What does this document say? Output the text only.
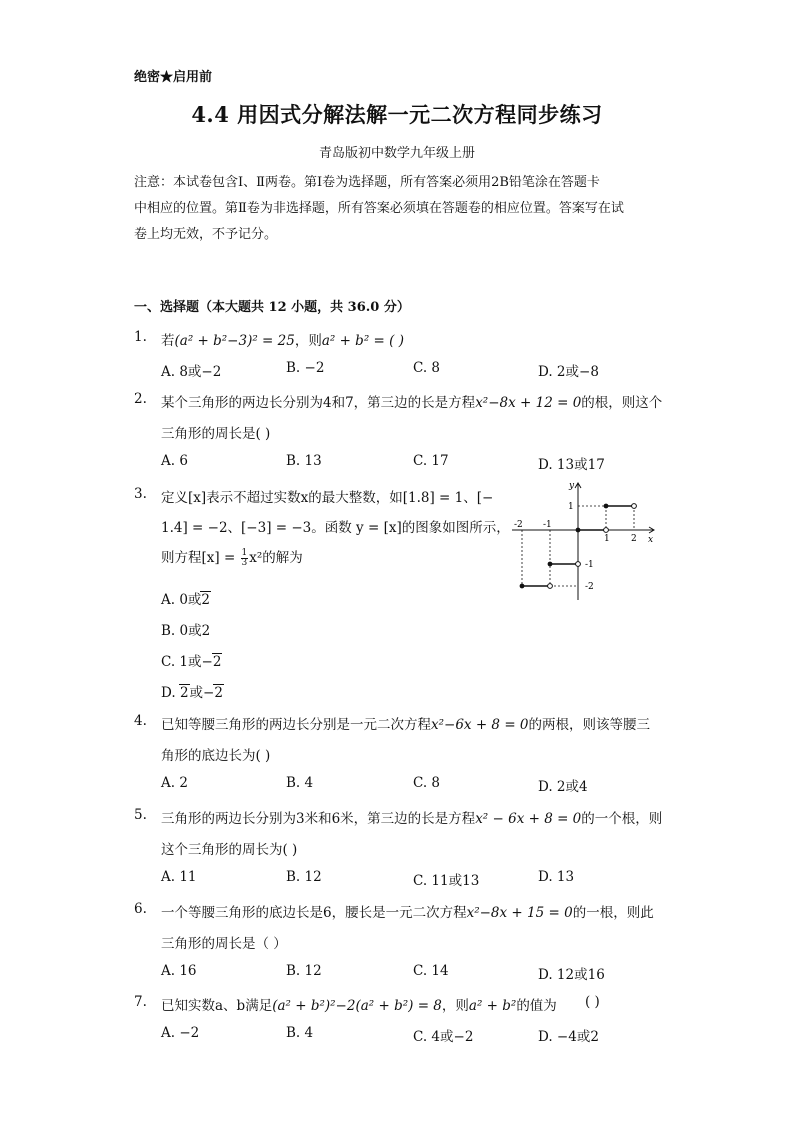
绝密★启用前
4.4 用因式分解法解一元二次方程同步练习
青岛版初中数学九年级上册
注意：本试卷包含Ⅰ、Ⅱ两卷。第Ⅰ卷为选择题，所有答案必须用2B铅笔涂在答题卡
中相应的位置。第Ⅱ卷为非选择题，所有答案必须填在答题卷的相应位置。答案写在试
卷上均无效，不予记分。
一、选择题（本大题共 12 小题，共 36.0 分）
1.	若(a² + b²−3)² = 25，则a² + b² = ( )
A. 8或−2	B. −2	C. 8	D. 2或−8
2.	某个三角形的两边长分别为4和7，第三边的长是方程x²−8x + 12 = 0的根，则这个
三角形的周长是( )
A. 6	B. 13	C. 17	D. 13或17
3.	定义[x]表示不超过实数x的最大整数，如[1.8] = 1、[−
1.4] = −2、[−3] = −3。函数 y = [x]的图象如图所示，
则方程$[x] = \frac{1}{3} x^2$的解为
y
x
-2 -1
1 2
1
-1
-2
A. 0或2
B. 0或2
C. 1或−2
D. 2或−2
4.	已知等腰三角形的两边长分别是一元二次方程x²−6x + 8 = 0的两根，则该等腰三
角形的底边长为( )
A. 2	B. 4	C. 8	D. 2或4
5.	三角形的两边长分别为3米和6米，第三边的长是方程x² − 6x + 8 = 0的一个根，则
这个三角形的周长为( )
A. 11	B. 12	C. 11或13	D. 13
6.	一个等腰三角形的底边长是6，腰长是一元二次方程x²−8x + 15 = 0的一根，则此
三角形的周长是（ ）
A. 16	B. 12	C. 14	D. 12或16
7.	已知实数a、b满足(a² + b²)²−2(a² + b²) = 8，则a² + b²的值为 ( )
A. −2	B. 4	C. 4或−2	D. −4或2
